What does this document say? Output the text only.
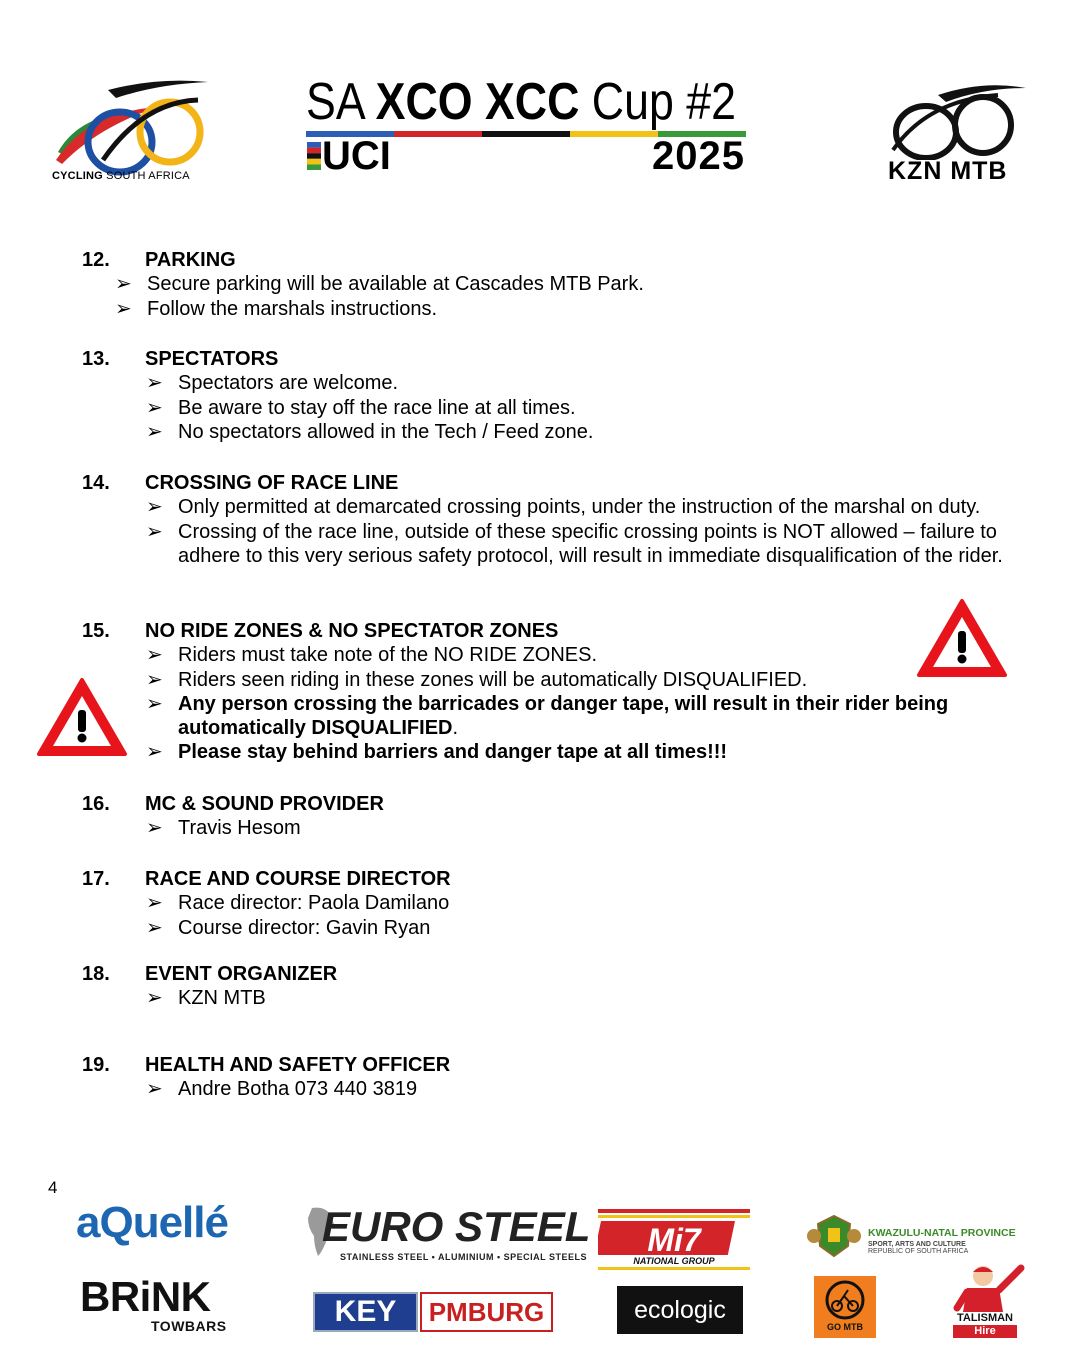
CYCLING SOUTH AFRICA
SA XCO XCC Cup #2
UCI	2025	KZN MTB
12. PARKING
➢ Secure parking will be available at Cascades MTB Park.
➢ Follow the marshals instructions.
13. SPECTATORS
➢ Spectators are welcome.
➢ Be aware to stay off the race line at all times.
➢ No spectators allowed in the Tech / Feed zone.
14. CROSSING OF RACE LINE
➢ Only permitted at demarcated crossing points, under the instruction of the marshal on duty.
➢ Crossing of the race line, outside of these specific crossing points is NOT allowed – failure to adhere to this very serious safety protocol, will result in immediate disqualification of the rider.
15. NO RIDE ZONES & NO SPECTATOR ZONES
➢ Riders must take note of the NO RIDE ZONES.
➢ Riders seen riding in these zones will be automatically DISQUALIFIED.
➢ Any person crossing the barricades or danger tape, will result in their rider being automatically DISQUALIFIED.
➢ Please stay behind barriers and danger tape at all times!!!
16. MC & SOUND PROVIDER
➢ Travis Hesom
17. RACE AND COURSE DIRECTOR
➢ Race director: Paola Damilano
➢ Course director: Gavin Ryan
18. EVENT ORGANIZER
➢ KZN MTB
19. HEALTH AND SAFETY OFFICER
➢ Andre Botha 073 440 3819
4
aQuellé
BRiNK
TOWBARS
EURO STEEL
STAINLESS STEEL • ALUMINIUM • SPECIAL STEELS
KEY	PMBURG
Mi7
NATIONAL GROUP
ecologic
KWAZULU-NATAL PROVINCE
SPORT, ARTS AND CULTURE
REPUBLIC OF SOUTH AFRICA
GO MTB
TALISMAN
Hire
